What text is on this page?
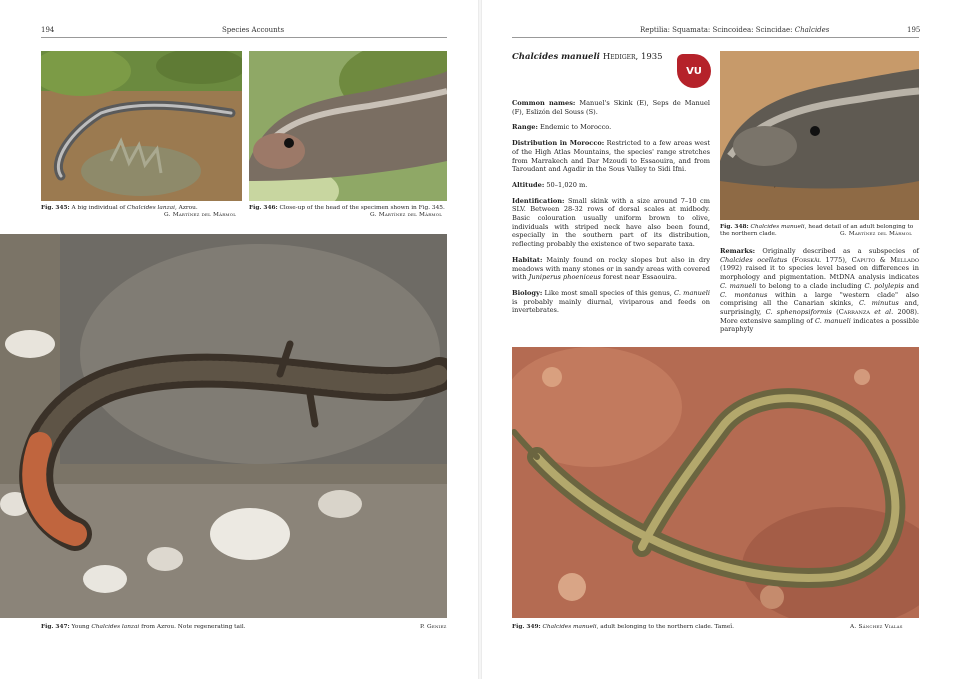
194	Species Accounts
Fig. 345: A big individual of Chalcides lanzai, Azrou.
G. Martínez del Mármol
Fig. 346: Close-up of the head of the specimen shown in Fig. 345.
G. Martínez del Mármol
Fig. 347: Young Chalcides lanzai from Azrou. Note regenerating tail.	P. Geniez
Reptilia: Squamata: Scincoidea: Scincidae: Chalcides	195
Chalcides manueli Hediger, 1935
VU

Common names: Manuel's Skink (E), Seps de Manuel (F), Eslizón del Souss (S).

Range: Endemic to Morocco.

Distribution in Morocco: Restricted to a few areas west of the High Atlas Mountains, the species' range stretches from Marrakech and Dar Mzoudi to Essaouira, and from Taroudant and Agadir in the Sous Valley to Sidi Ifni.

Altitude: 50–1,020 m.

Identification: Small skink with a size around 7–10 cm SLV. Between 28-32 rows of dorsal scales at midbody. Basic colouration usually uniform brown to olive, individuals with striped neck have also been found, especially in the southern part of its distribution, reflecting probably the existence of two separate taxa.

Habitat: Mainly found on rocky slopes but also in dry meadows with many stones or in sandy areas with covered with Juniperus phoeniceus forest near Essaouira.

Biology: Like most small species of this genus, C. manueli is probably mainly diurnal, viviparous and feeds on invertebrates.

Fig. 348: Chalcides manueli, head detail of an adult belonging to the northern clade.	G. Martínez del Mármol

Remarks: Originally described as a subspecies of Chalcides ocellatus (Forskål 1775), Caputo & Mellado (1992) raised it to species level based on differences in morphology and pigmentation. MtDNA analysis indicates C. manueli to belong to a clade including C. polylepis and C. montanus within a large "western clade" also comprising all the Canarian skinks, C. minutus and, surprisingly, C. sphenopsiformis (Carranza et al. 2008). More extensive sampling of C. manueli indicates a possible paraphyly

Fig. 349: Chalcides manueli, adult belonging to the northern clade. Tameî.	A. Sánchez Vialas
